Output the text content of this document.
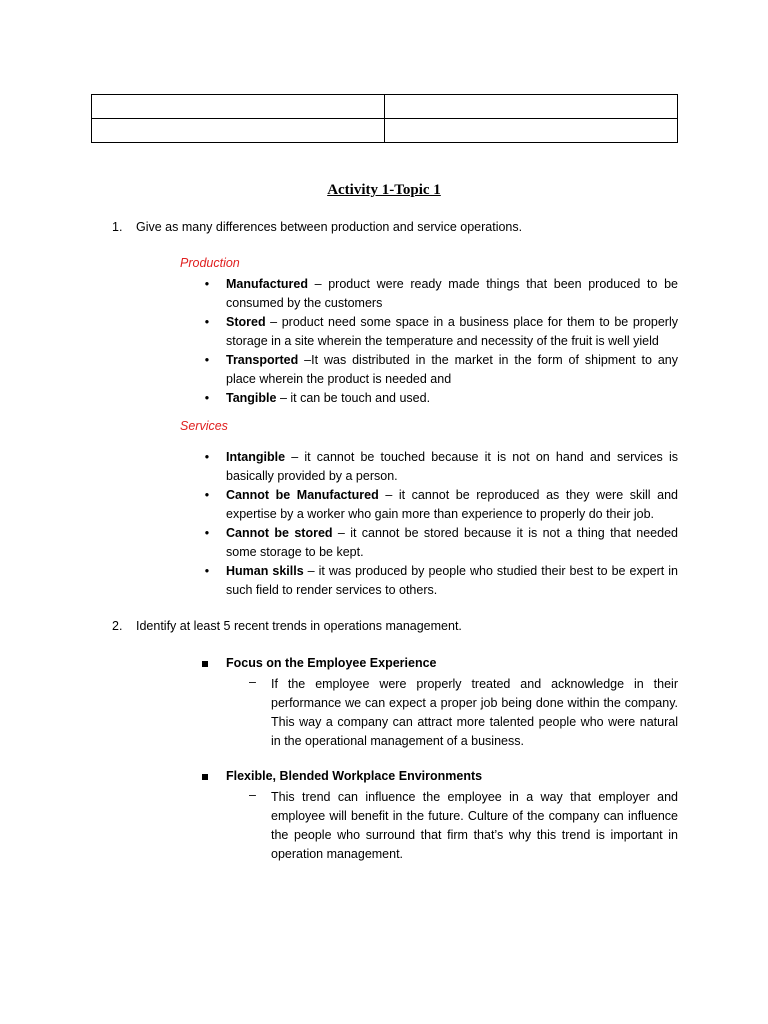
Activity 1-Topic 1
1. Give as many differences between production and service operations.
Production
• Manufactured – product were ready made things that been produced to be consumed by the customers
• Stored – product need some space in a business place for them to be properly storage in a site wherein the temperature and necessity of the fruit is well yield
• Transported –It was distributed in the market in the form of shipment to any place wherein the product is needed and
• Tangible – it can be touch and used.
Services
• Intangible – it cannot be touched because it is not on hand and services is basically provided by a person.
• Cannot be Manufactured – it cannot be reproduced as they were skill and expertise by a worker who gain more than experience to properly do their job.
• Cannot be stored – it cannot be stored because it is not a thing that needed some storage to be kept.
• Human skills – it was produced by people who studied their best to be expert in such field to render services to others.
2. Identify at least 5 recent trends in operations management.
Focus on the Employee Experience
– If the employee were properly treated and acknowledge in their performance we can expect a proper job being done within the company. This way a company can attract more talented people who were natural in the operational management of a business.
Flexible, Blended Workplace Environments
– This trend can influence the employee in a way that employer and employee will benefit in the future. Culture of the company can influence the people who surround that firm that’s why this trend is important in operation management.
